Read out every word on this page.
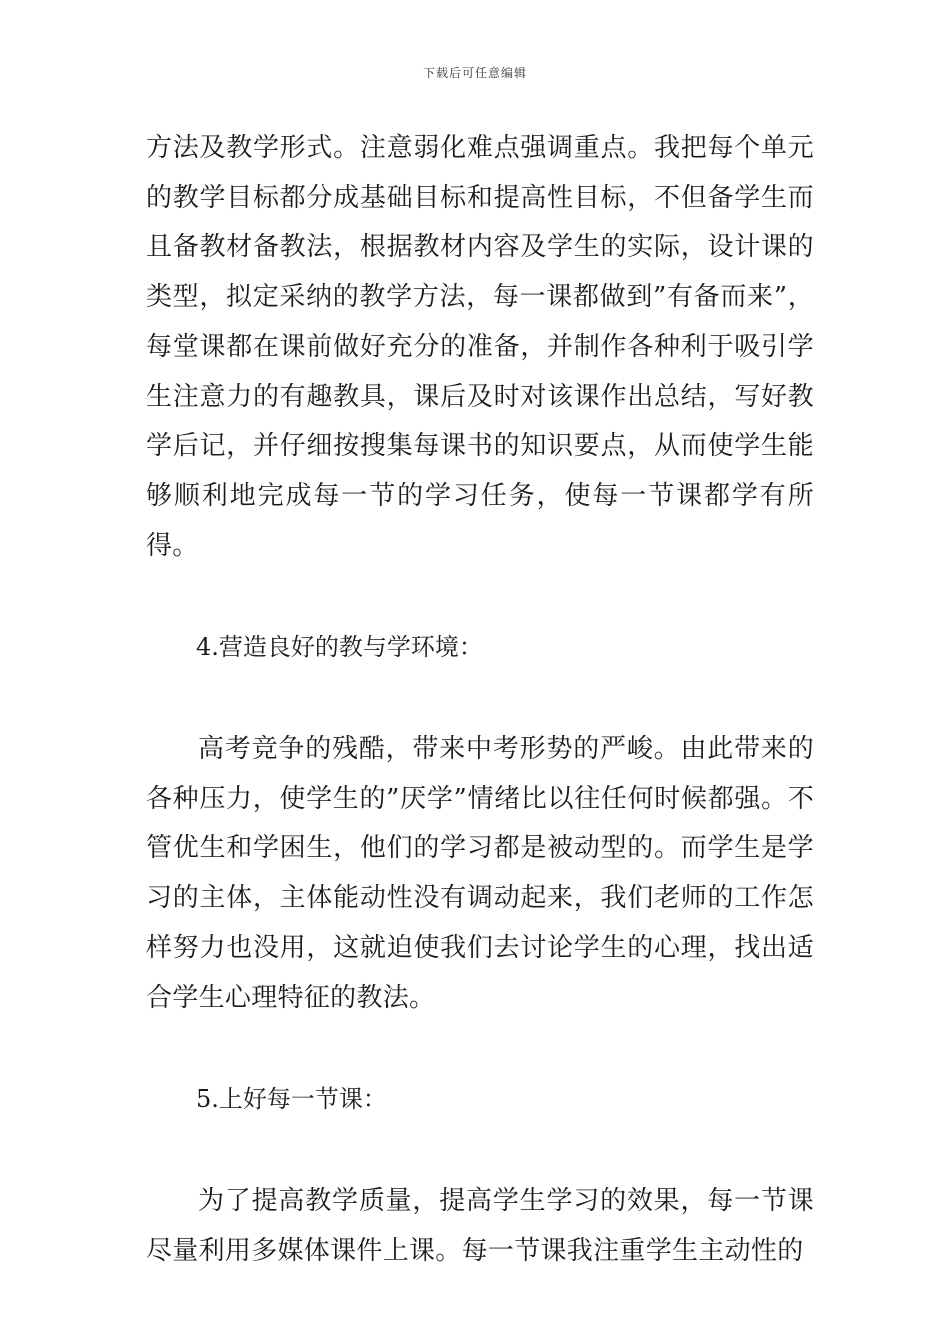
下载后可任意编辑

方法及教学形式。注意弱化难点强调重点。我把每个单元的教学目标都分成基础目标和提高性目标，不但备学生而且备教材备教法，根据教材内容及学生的实际，设计课的类型，拟定采纳的教学方法，每一课都做到”有备而来”，每堂课都在课前做好充分的准备，并制作各种利于吸引学生注意力的有趣教具，课后及时对该课作出总结，写好教学后记，并仔细按搜集每课书的知识要点，从而使学生能够顺利地完成每一节的学习任务，使每一节课都学有所得。

4.营造良好的教与学环境：

高考竞争的残酷，带来中考形势的严峻。由此带来的各种压力，使学生的”厌学”情绪比以往任何时候都强。不管优生和学困生，他们的学习都是被动型的。而学生是学习的主体，主体能动性没有调动起来，我们老师的工作怎样努力也没用，这就迫使我们去讨论学生的心理，找出适合学生心理特征的教法。

5.上好每一节课：

为了提高教学质量，提高学生学习的效果，每一节课尽量利用多媒体课件上课。每一节课我注重学生主动性的
